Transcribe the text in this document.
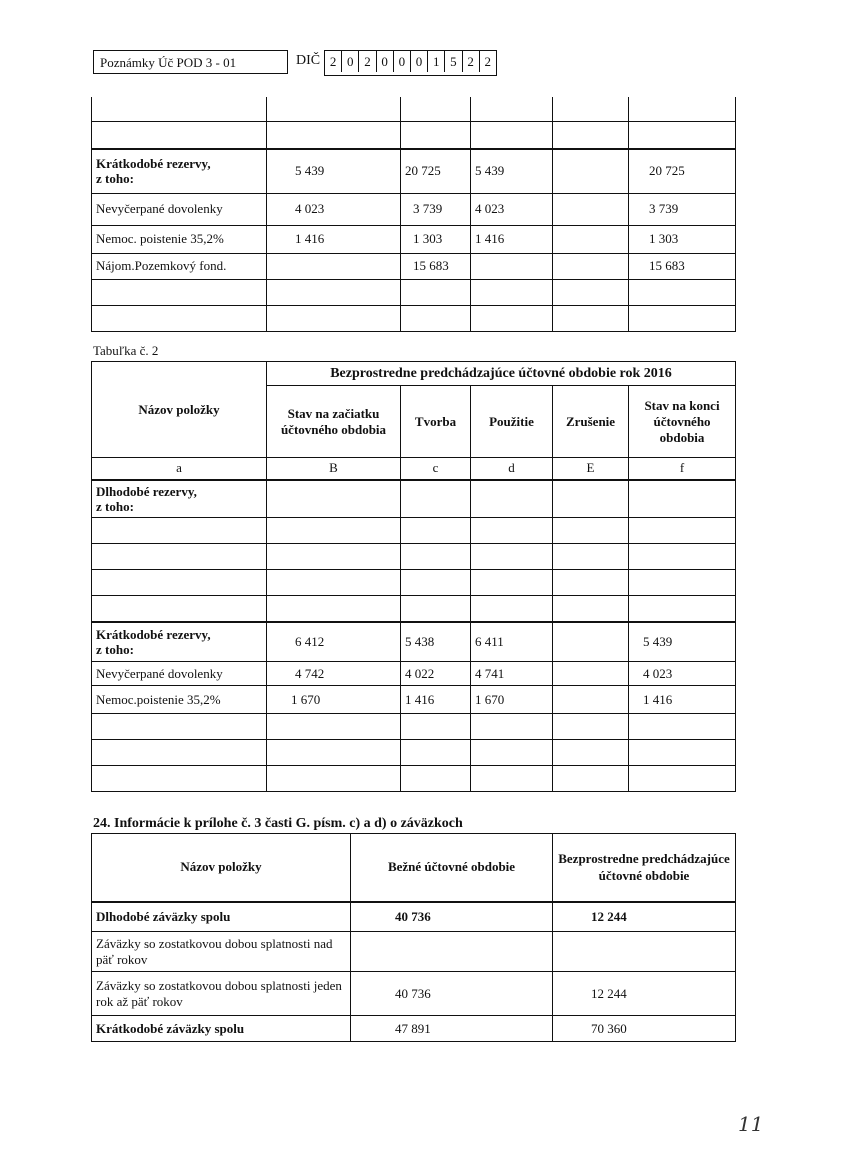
Poznámky Úč POD 3 - 01	DIČ 2 0 2 0 0 0 1 5 2 2

Krátkodobé rezervy,
z toho:	5 439	20 725	5 439		20 725
Nevyčerpané dovolenky	4 023	3 739	4 023		3 739
Nemoc. poistenie 35,2%	1 416	1 303	1 416		1 303
Nájom.Pozemkový fond.		15 683			15 683

Tabuľka č. 2
Názov položky	Bezprostredne predchádzajúce účtovné obdobie rok 2016				
	Stav na začiatku účtovného obdobia	Tvorba	Použitie	Zrušenie	Stav na konci účtovného obdobia
a	B	c	d	E	f
Dlhodobé rezervy,
z toho:					

Krátkodobé rezervy,
z toho:	6 412	5 438	6 411		5 439
Nevyčerpané dovolenky	4 742	4 022	4 741		4 023
Nemoc.poistenie 35,2%	1 670	1 416	1 670		1 416

24. Informácie k prílohe č. 3 časti G. písm. c) a d) o záväzkoch
Názov položky	Bežné účtovné obdobie	Bezprostredne predchádzajúce účtovné obdobie
Dlhodobé záväzky spolu	40 736	12 244
Záväzky so zostatkovou dobou splatnosti nad päť rokov		
Záväzky so zostatkovou dobou splatnosti jeden rok až päť rokov	40 736	12 244
Krátkodobé záväzky spolu	47 891	70 360
11
